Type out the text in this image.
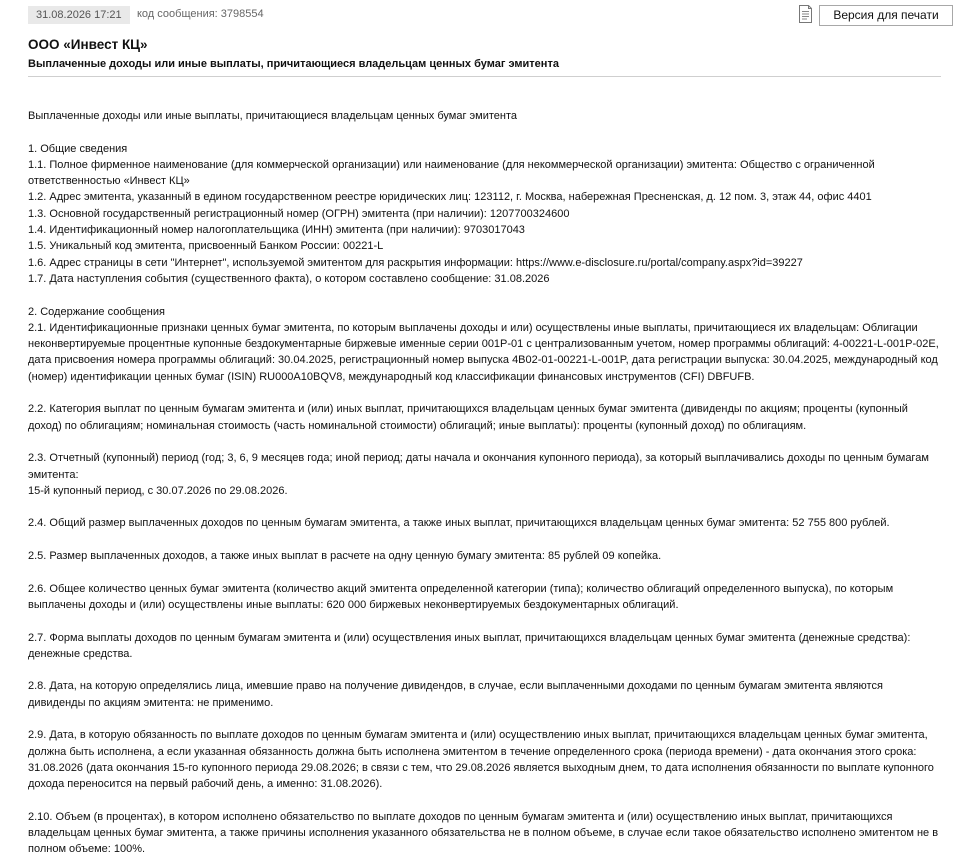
31.08.2026 17:21	код сообщения: 3798554	Версия для печати
ООО «Инвест КЦ»
Выплаченные доходы или иные выплаты, причитающиеся владельцам ценных бумаг эмитента

Выплаченные доходы или иные выплаты, причитающиеся владельцам ценных бумаг эмитента

1. Общие сведения

1.1. Полное фирменное наименование (для коммерческой организации) или наименование (для некоммерческой организации) эмитента: Общество с ограниченной ответственностью «Инвест КЦ»

1.2. Адрес эмитента, указанный в едином государственном реестре юридических лиц: 123112, г. Москва, набережная Пресненская, д. 12 пом. 3, этаж 44, офис 4401

1.3. Основной государственный регистрационный номер (ОГРН) эмитента (при наличии): 1207700324600

1.4. Идентификационный номер налогоплательщика (ИНН) эмитента (при наличии): 9703017043

1.5. Уникальный код эмитента, присвоенный Банком России: 00221-L

1.6. Адрес страницы в сети "Интернет", используемой эмитентом для раскрытия информации: https://www.e-disclosure.ru/portal/company.aspx?id=39227

1.7. Дата наступления события (существенного факта), о котором составлено сообщение: 31.08.2026

2. Содержание сообщения

2.1. Идентификационные признаки ценных бумаг эмитента, по которым выплачены доходы и или) осуществлены иные выплаты, причитающиеся их владельцам: Облигации неконвертируемые процентные купонные бездокументарные биржевые именные серии 001Р-01 с централизованным учетом, номер программы облигаций: 4-00221-L-001P-02E, дата присвоения номера программы облигаций: 30.04.2025, регистрационный номер выпуска 4B02-01-00221-L-001P, дата регистрации выпуска: 30.04.2025, международный код (номер) идентификации ценных бумаг (ISIN) RU000A10BQV8, международный код классификации финансовых инструментов (CFI) DBFUFB.

2.2. Категория выплат по ценным бумагам эмитента и (или) иных выплат, причитающихся владельцам ценных бумаг эмитента (дивиденды по акциям; проценты (купонный доход) по облигациям; номинальная стоимость (часть номинальной стоимости) облигаций; иные выплаты): проценты (купонный доход) по облигациям.

2.3. Отчетный (купонный) период (год; 3, 6, 9 месяцев года; иной период; даты начала и окончания купонного периода), за который выплачивались доходы по ценным бумагам эмитента:

15-й купонный период, с 30.07.2026 по 29.08.2026.

2.4. Общий размер выплаченных доходов по ценным бумагам эмитента, а также иных выплат, причитающихся владельцам ценных бумаг эмитента: 52 755 800 рублей.

2.5. Размер выплаченных доходов, а также иных выплат в расчете на одну ценную бумагу эмитента: 85 рублей 09 копейка.

2.6. Общее количество ценных бумаг эмитента (количество акций эмитента определенной категории (типа); количество облигаций определенного выпуска), по которым выплачены доходы и (или) осуществлены иные выплаты: 620 000 биржевых неконвертируемых бездокументарных облигаций.

2.7. Форма выплаты доходов по ценным бумагам эмитента и (или) осуществления иных выплат, причитающихся владельцам ценных бумаг эмитента (денежные средства): денежные средства.

2.8. Дата, на которую определялись лица, имевшие право на получение дивидендов, в случае, если выплаченными доходами по ценным бумагам эмитента являются дивиденды по акциям эмитента: не применимо.

2.9. Дата, в которую обязанность по выплате доходов по ценным бумагам эмитента и (или) осуществлению иных выплат, причитающихся владельцам ценных бумаг эмитента, должна быть исполнена, а если указанная обязанность должна быть исполнена эмитентом в течение определенного срока (периода времени) - дата окончания этого срока: 31.08.2026 (дата окончания 15-го купонного периода 29.08.2026; в связи с тем, что 29.08.2026 является выходным днем, то дата исполнения обязанности по выплате купонного дохода переносится на первый рабочий день, а именно: 31.08.2026).

2.10. Объем (в процентах), в котором исполнено обязательство по выплате доходов по ценным бумагам эмитента и (или) осуществлению иных выплат, причитающихся владельцам ценных бумаг эмитента, а также причины исполнения указанного обязательства не в полном объеме, в случае если такое обязательство исполнено эмитентом не в полном объеме: 100%.
